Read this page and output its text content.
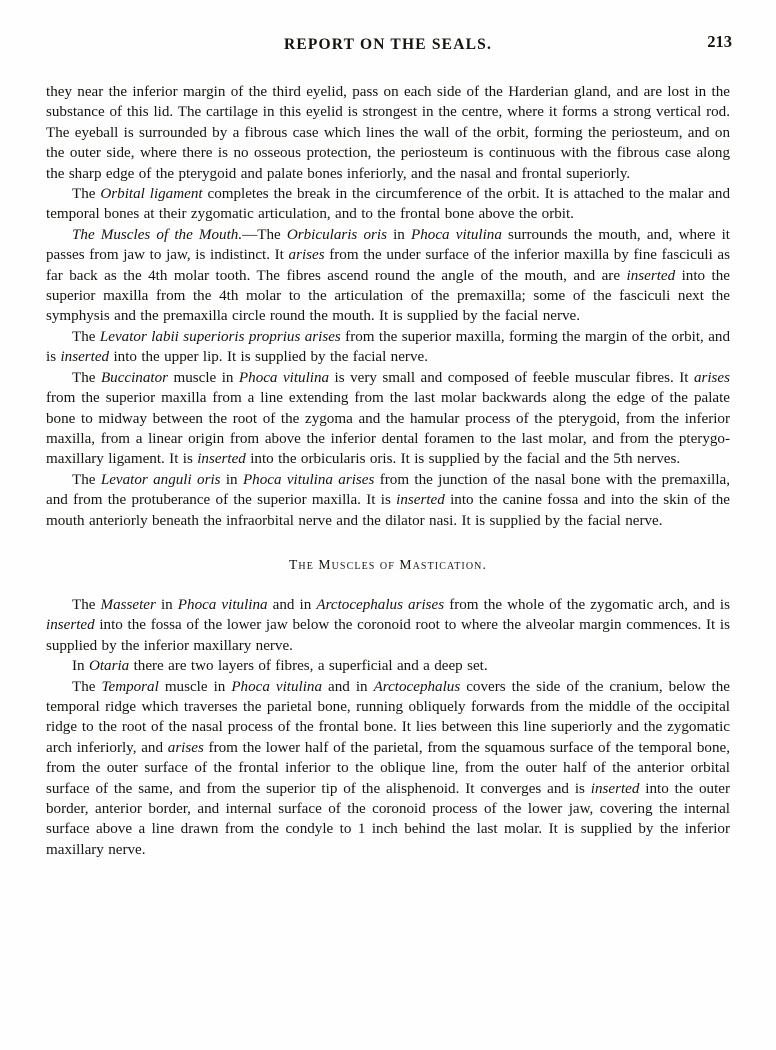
REPORT ON THE SEALS.	213

they near the inferior margin of the third eyelid, pass on each side of the Harderian gland, and are lost in the substance of this lid. The cartilage in this eyelid is strongest in the centre, where it forms a strong vertical rod. The eyeball is surrounded by a fibrous case which lines the wall of the orbit, forming the periosteum, and on the outer side, where there is no osseous protection, the periosteum is continuous with the fibrous case along the sharp edge of the pterygoid and palate bones inferiorly, and the nasal and frontal superiorly.

The Orbital ligament completes the break in the circumference of the orbit. It is attached to the malar and temporal bones at their zygomatic articulation, and to the frontal bone above the orbit.

The Muscles of the Mouth.—The Orbicularis oris in Phoca vitulina surrounds the mouth, and, where it passes from jaw to jaw, is indistinct. It arises from the under surface of the inferior maxilla by fine fasciculi as far back as the 4th molar tooth. The fibres ascend round the angle of the mouth, and are inserted into the superior maxilla from the 4th molar to the articulation of the premaxilla; some of the fasciculi next the symphysis and the premaxilla circle round the mouth. It is supplied by the facial nerve.

The Levator labii superioris proprius arises from the superior maxilla, forming the margin of the orbit, and is inserted into the upper lip. It is supplied by the facial nerve.

The Buccinator muscle in Phoca vitulina is very small and composed of feeble muscular fibres. It arises from the superior maxilla from a line extending from the last molar backwards along the edge of the palate bone to midway between the root of the zygoma and the hamular process of the pterygoid, from the inferior maxilla, from a linear origin from above the inferior dental foramen to the last molar, and from the pterygo-maxillary ligament. It is inserted into the orbicularis oris. It is supplied by the facial and the 5th nerves.

The Levator anguli oris in Phoca vitulina arises from the junction of the nasal bone with the premaxilla, and from the protuberance of the superior maxilla. It is inserted into the canine fossa and into the skin of the mouth anteriorly beneath the infraorbital nerve and the dilator nasi. It is supplied by the facial nerve.

The Muscles of Mastication.

The Masseter in Phoca vitulina and in Arctocephalus arises from the whole of the zygomatic arch, and is inserted into the fossa of the lower jaw below the coronoid root to where the alveolar margin commences. It is supplied by the inferior maxillary nerve.

In Otaria there are two layers of fibres, a superficial and a deep set.

The Temporal muscle in Phoca vitulina and in Arctocephalus covers the side of the cranium, below the temporal ridge which traverses the parietal bone, running obliquely forwards from the middle of the occipital ridge to the root of the nasal process of the frontal bone. It lies between this line superiorly and the zygomatic arch inferiorly, and arises from the lower half of the parietal, from the squamous surface of the temporal bone, from the outer surface of the frontal inferior to the oblique line, from the outer half of the anterior orbital surface of the same, and from the superior tip of the alisphenoid. It converges and is inserted into the outer border, anterior border, and internal surface of the coronoid process of the lower jaw, covering the internal surface above a line drawn from the condyle to 1 inch behind the last molar. It is supplied by the inferior maxillary nerve.
